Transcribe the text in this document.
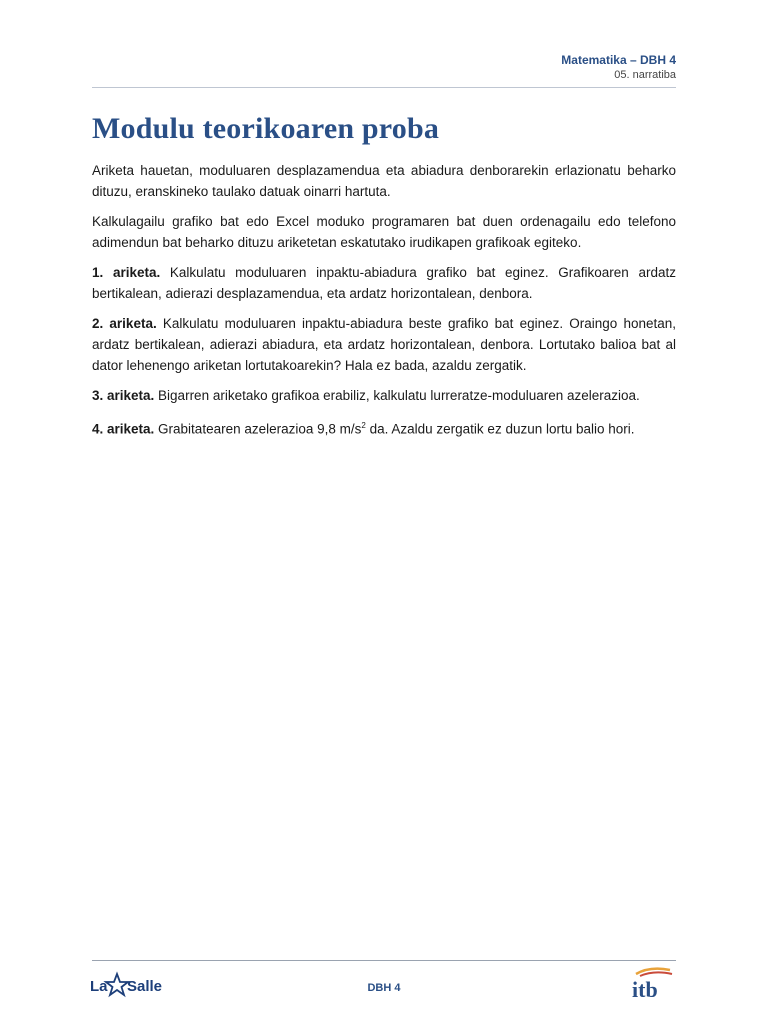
Matematika – DBH 4
05. narratiba
Modulu teorikoaren proba

Ariketa hauetan, moduluaren desplazamendua eta abiadura denborarekin erlazionatu beharko dituzu, eranskineko taulako datuak oinarri hartuta.

Kalkulagailu grafiko bat edo Excel moduko programaren bat duen ordenagailu edo telefono adimendun bat beharko dituzu ariketetan eskatutako irudikapen grafikoak egiteko.

1. ariketa. Kalkulatu moduluaren inpaktu-abiadura grafiko bat eginez. Grafikoaren ardatz bertikalean, adierazi desplazamendua, eta ardatz horizontalean, denbora.

2. ariketa. Kalkulatu moduluaren inpaktu-abiadura beste grafiko bat eginez. Oraingo honetan, ardatz bertikalean, adierazi abiadura, eta ardatz horizontalean, denbora. Lortutako balioa bat al dator lehenengo ariketan lortutakoarekin? Hala ez bada, azaldu zergatik.

3. ariketa. Bigarren ariketako grafikoa erabiliz, kalkulatu lurreratze-moduluaren azelerazioa.

4. ariketa. Grabitatearen azelerazioa 9,8 $m/s^2$ da. Azaldu zergatik ez duzun lortu balio hori.

La Salle	DBH 4	itb
